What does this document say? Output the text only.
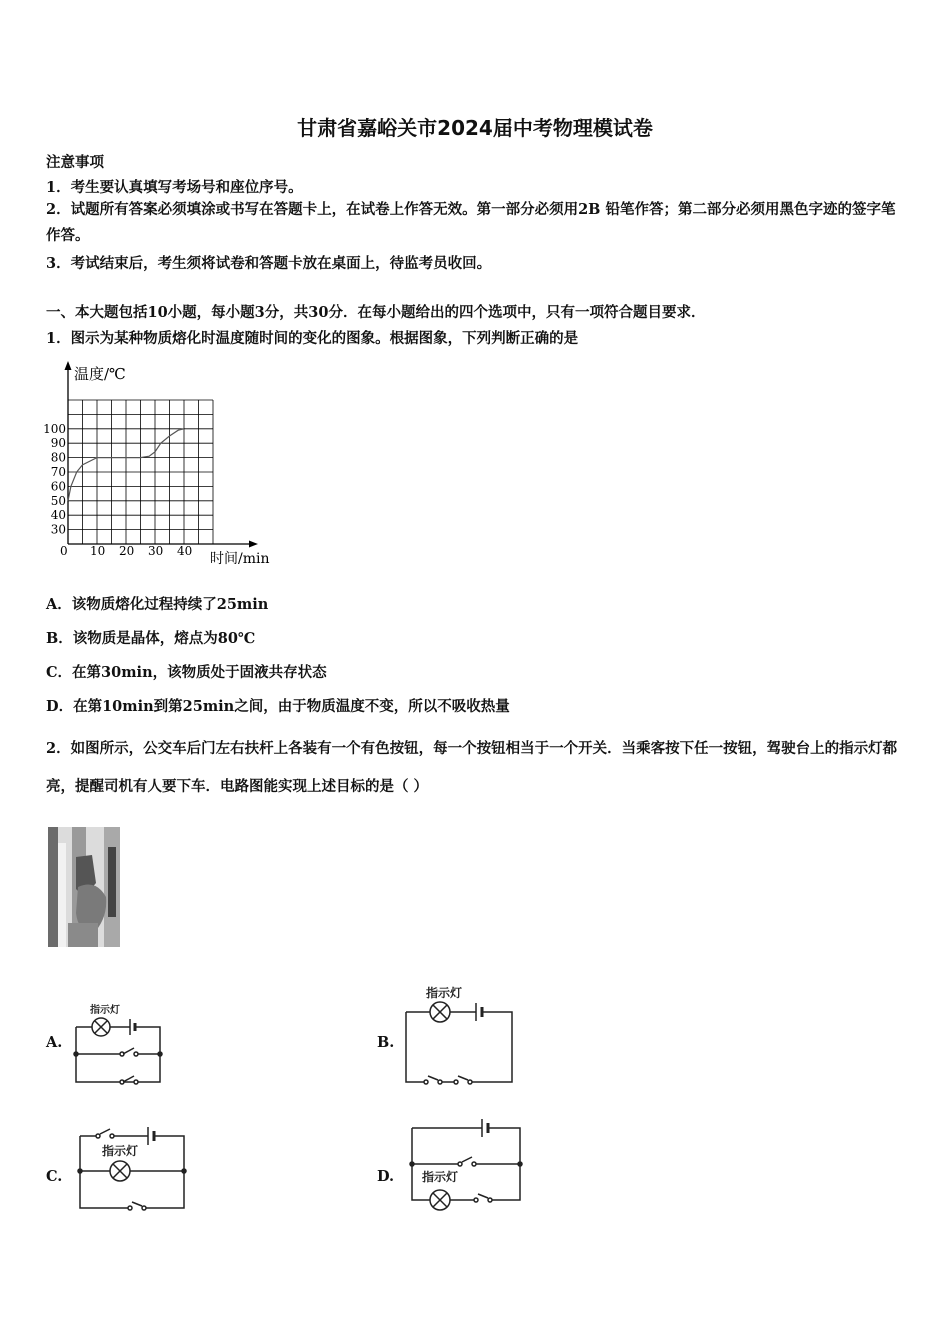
甘肃省嘉峪关市2024届中考物理模试卷
注意事项
1．考生要认真填写考场号和座位序号。
2．试题所有答案必须填涂或书写在答题卡上，在试卷上作答无效。第一部分必须用2B 铅笔作答；第二部分必须用黑色字迹的签字笔作答。
3．考试结束后，考生须将试卷和答题卡放在桌面上，待监考员收回。
一、本大题包括10小题，每小题3分，共30分．在每小题给出的四个选项中，只有一项符合题目要求．
1．图示为某种物质熔化时温度随时间的变化的图象。根据图象，下列判断正确的是
温度/℃
时间/min
0 10 20 30 40
30
40
50
60
70
80
90
100
A．该物质熔化过程持续了25min
B．该物质是晶体，熔点为80℃
C．在第30min，该物质处于固液共存状态
D．在第10min到第25min之间，由于物质温度不变，所以不吸收热量
2．如图所示，公交车后门左右扶杆上各装有一个有色按钮，每一个按钮相当于一个开关．当乘客按下任一按钮，驾驶台上的指示灯都亮，提醒司机有人要下车．电路图能实现上述目标的是（ ）
A.	B.
C.	D.
指示灯
指示灯
指示灯
指示灯
